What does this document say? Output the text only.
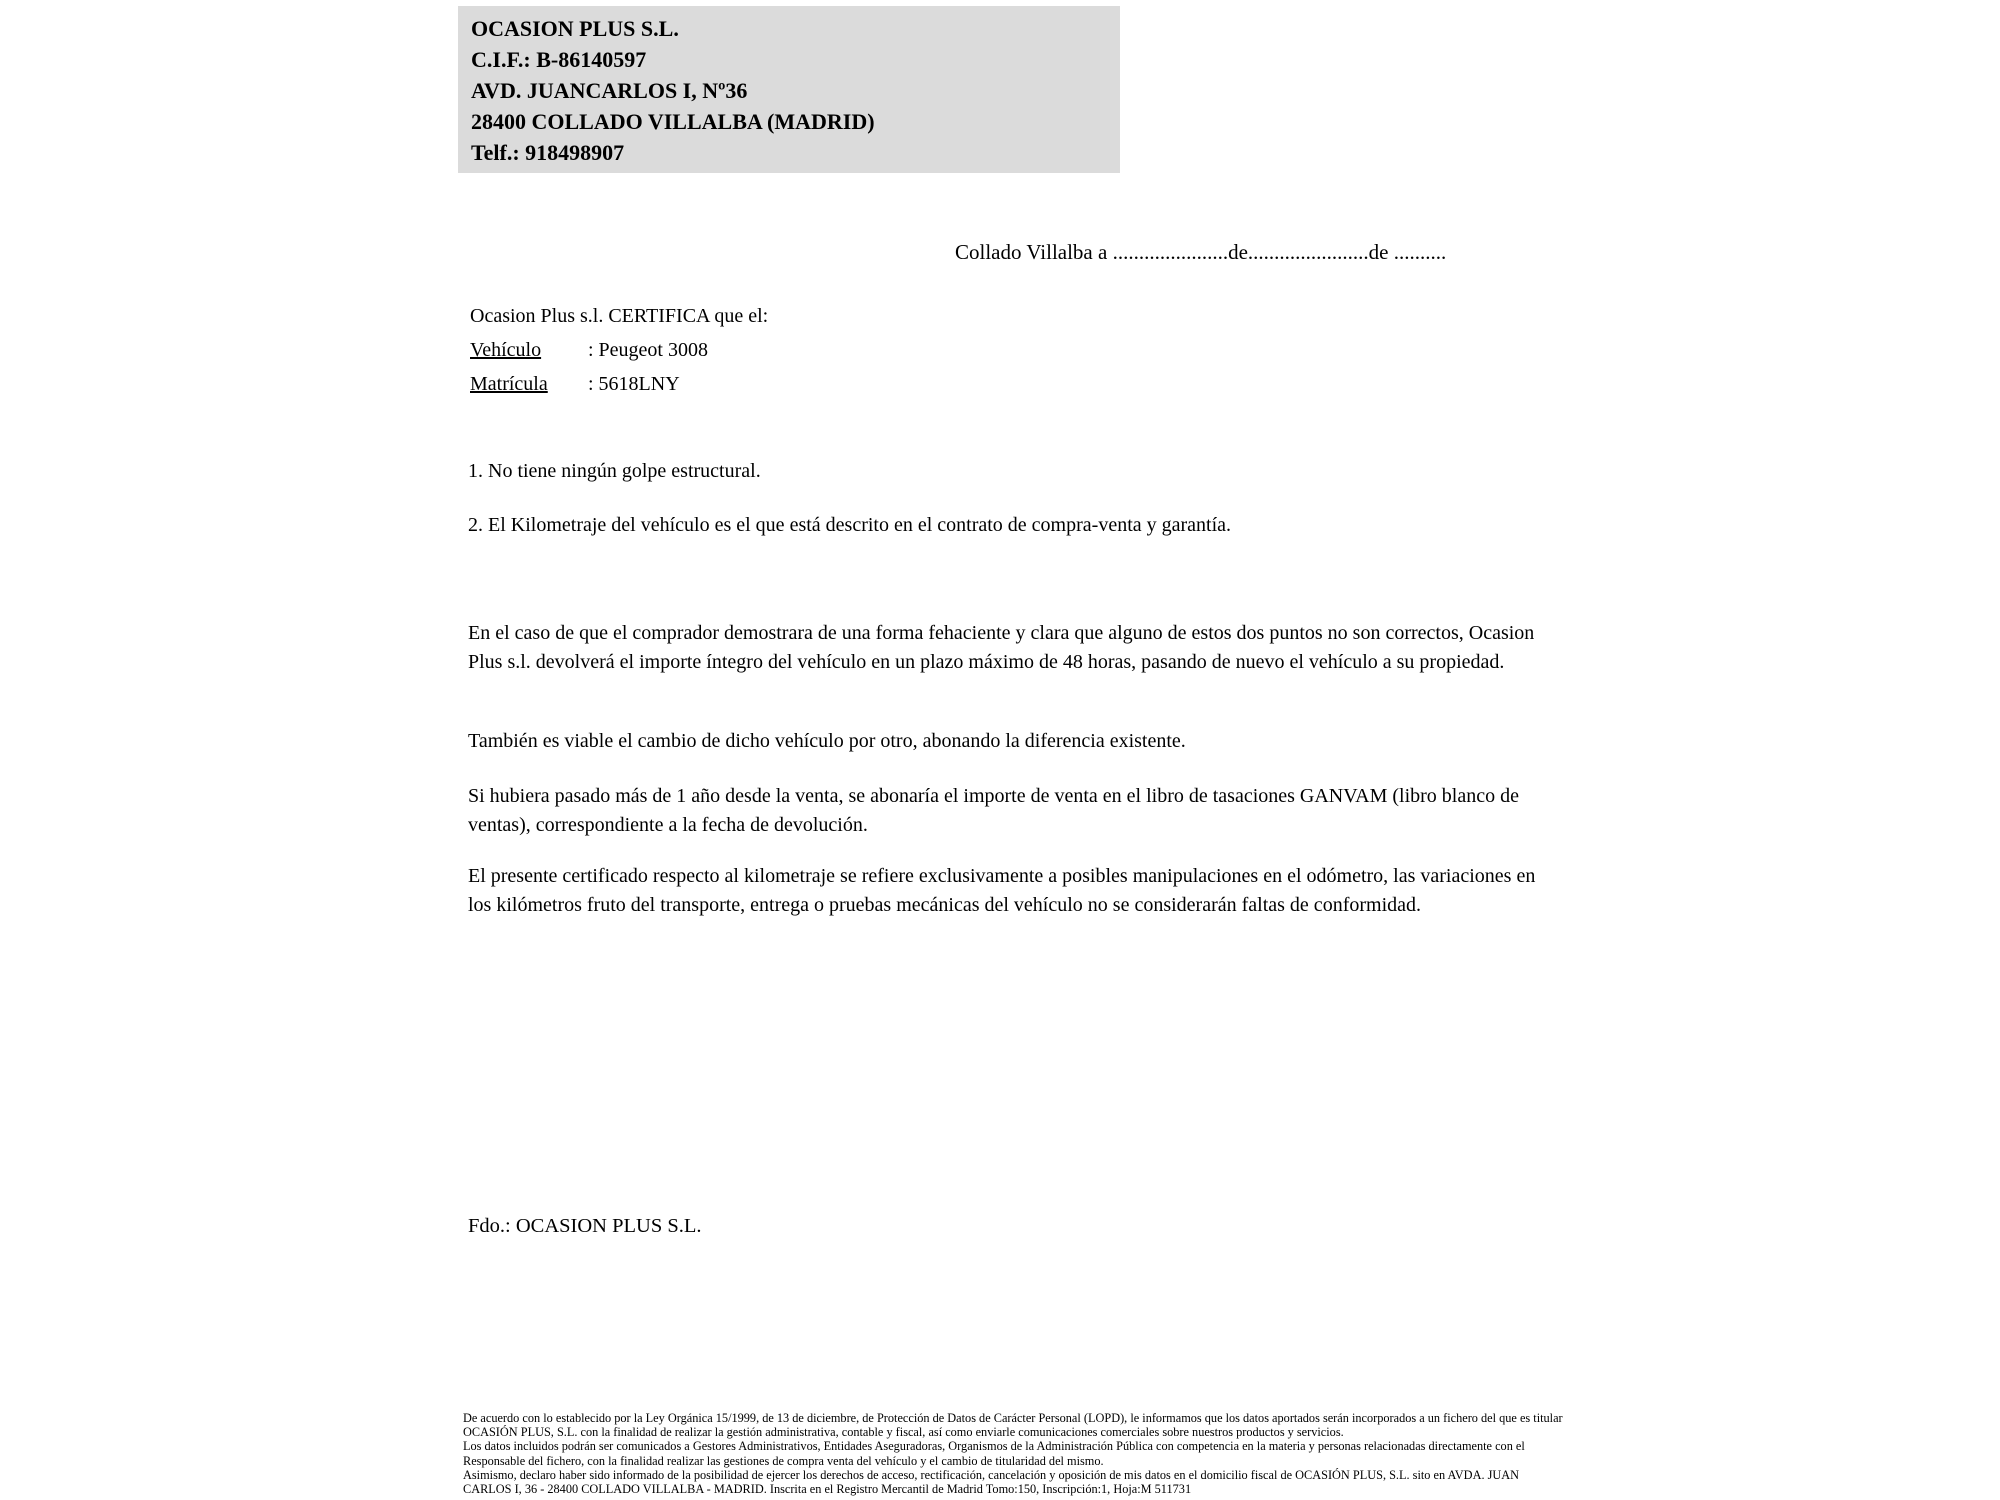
OCASION PLUS S.L.
C.I.F.: B-86140597
AVD. JUANCARLOS I, Nº36
28400 COLLADO VILLALBA (MADRID)
Telf.: 918498907
Collado Villalba a ......................de.......................de ..........
Ocasion Plus s.l. CERTIFICA que el:
Vehículo : Peugeot 3008
Matrícula : 5618LNY
1. No tiene ningún golpe estructural.
2. El Kilometraje del vehículo es el que está descrito en el contrato de compra-venta y garantía.
En el caso de que el comprador demostrara de una forma fehaciente y clara que alguno de estos dos puntos no son correctos, Ocasion Plus s.l. devolverá el importe íntegro del vehículo en un plazo máximo de 48 horas, pasando de nuevo el vehículo a su propiedad.
También es viable el cambio de dicho vehículo por otro, abonando la diferencia existente.
Si hubiera pasado más de 1 año desde la venta, se abonaría el importe de venta en el libro de tasaciones GANVAM (libro blanco de ventas), correspondiente a la fecha de devolución.
El presente certificado respecto al kilometraje se refiere exclusivamente a posibles manipulaciones en el odómetro, las variaciones en los kilómetros fruto del transporte, entrega o pruebas mecánicas del vehículo no se considerarán faltas de conformidad.
Fdo.: OCASION PLUS S.L.
De acuerdo con lo establecido por la Ley Orgánica 15/1999, de 13 de diciembre, de Protección de Datos de Carácter Personal (LOPD), le informamos que los datos aportados serán incorporados a un fichero del que es titular
OCASIÓN PLUS, S.L. con la finalidad de realizar la gestión administrativa, contable y fiscal, así como enviarle comunicaciones comerciales sobre nuestros productos y servicios.
Los datos incluidos podrán ser comunicados a Gestores Administrativos, Entidades Aseguradoras, Organismos de la Administración Pública con competencia en la materia y personas relacionadas directamente con el
Responsable del fichero, con la finalidad realizar las gestiones de compra venta del vehículo y el cambio de titularidad del mismo.
Asimismo, declaro haber sido informado de la posibilidad de ejercer los derechos de acceso, rectificación, cancelación y oposición de mis datos en el domicilio fiscal de OCASIÓN PLUS, S.L. sito en AVDA. JUAN
CARLOS I, 36 - 28400 COLLADO VILLALBA - MADRID. Inscrita en el Registro Mercantil de Madrid Tomo:150, Inscripción:1, Hoja:M 511731
